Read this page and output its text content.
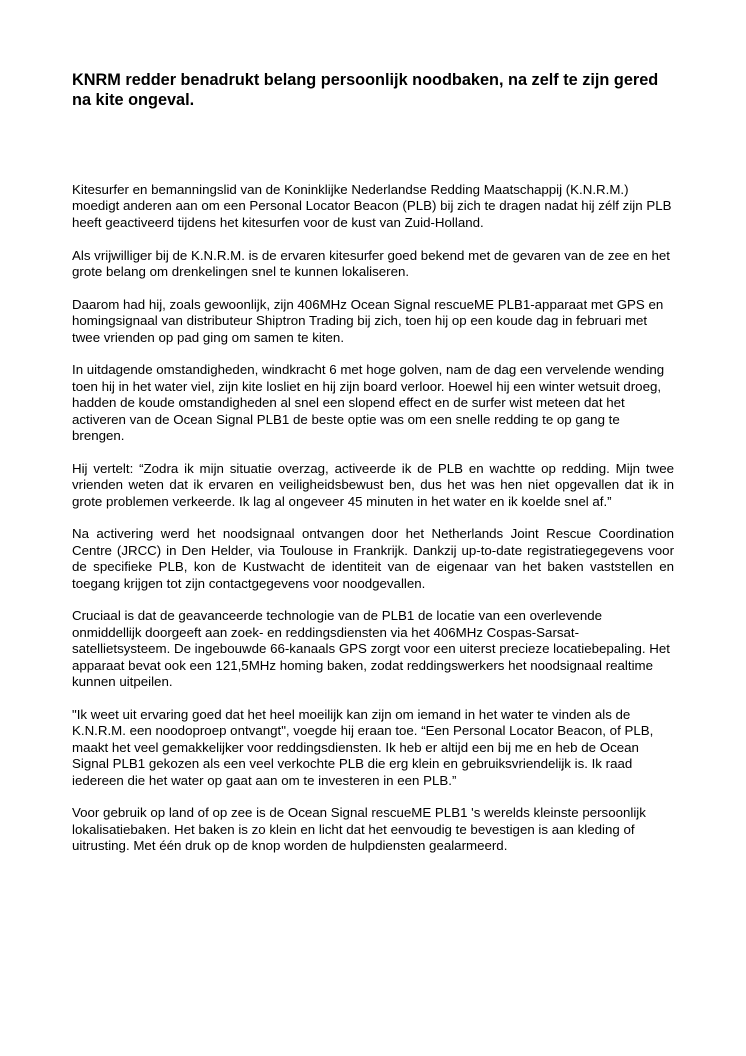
KNRM redder benadrukt belang persoonlijk noodbaken, na zelf te zijn gered na kite ongeval.

Kitesurfer en bemanningslid van de Koninklijke Nederlandse Redding Maatschappij (K.N.R.M.) moedigt anderen aan om een Personal Locator Beacon (PLB) bij zich te dragen nadat hij zélf zijn PLB heeft geactiveerd tijdens het kitesurfen voor de kust van Zuid-Holland.

Als vrijwilliger bij de K.N.R.M. is de ervaren kitesurfer goed bekend met de gevaren van de zee en het grote belang om drenkelingen snel te kunnen lokaliseren.

Daarom had hij, zoals gewoonlijk, zijn 406MHz Ocean Signal rescueME PLB1-apparaat met GPS en homingsignaal van distributeur Shiptron Trading bij zich, toen hij op een koude dag in februari met twee vrienden op pad ging om samen te kiten.

In uitdagende omstandigheden, windkracht 6 met hoge golven, nam de dag een vervelende wending toen hij in het water viel, zijn kite losliet en hij zijn board verloor. Hoewel hij een winter wetsuit droeg, hadden de koude omstandigheden al snel een slopend effect en de surfer wist meteen dat het activeren van de Ocean Signal PLB1 de beste optie was om een snelle redding te op gang te brengen.

Hij vertelt: “Zodra ik mijn situatie overzag, activeerde ik de PLB en wachtte op redding. Mijn twee vrienden weten dat ik ervaren en veiligheidsbewust ben, dus het was hen niet opgevallen dat ik in grote problemen verkeerde. Ik lag al ongeveer 45 minuten in het water en ik koelde snel af.”

Na activering werd het noodsignaal ontvangen door het Netherlands Joint Rescue Coordination Centre (JRCC) in Den Helder, via Toulouse in Frankrijk. Dankzij up-to-date registratiegegevens voor de specifieke PLB, kon de Kustwacht de identiteit van de eigenaar van het baken vaststellen en toegang krijgen tot zijn contactgegevens voor noodgevallen.

Cruciaal is dat de geavanceerde technologie van de PLB1 de locatie van een overlevende onmiddellijk doorgeeft aan zoek- en reddingsdiensten via het 406MHz Cospas-Sarsat-satellietsysteem. De ingebouwde 66-kanaals GPS zorgt voor een uiterst precieze locatiebepaling. Het apparaat bevat ook een 121,5MHz homing baken, zodat reddingswerkers het noodsignaal realtime kunnen uitpeilen.

"Ik weet uit ervaring goed dat het heel moeilijk kan zijn om iemand in het water te vinden als de K.N.R.M. een noodoproep ontvangt", voegde hij eraan toe. “Een Personal Locator Beacon, of PLB, maakt het veel gemakkelijker voor reddingsdiensten. Ik heb er altijd een bij me en heb de Ocean Signal PLB1 gekozen als een veel verkochte PLB die erg klein en gebruiksvriendelijk is. Ik raad iedereen die het water op gaat aan om te investeren in een PLB.”

Voor gebruik op land of op zee is de Ocean Signal rescueME PLB1 's werelds kleinste persoonlijk lokalisatiebaken. Het baken is zo klein en licht dat het eenvoudig te bevestigen is aan kleding of uitrusting. Met één druk op de knop worden de hulpdiensten gealarmeerd.
